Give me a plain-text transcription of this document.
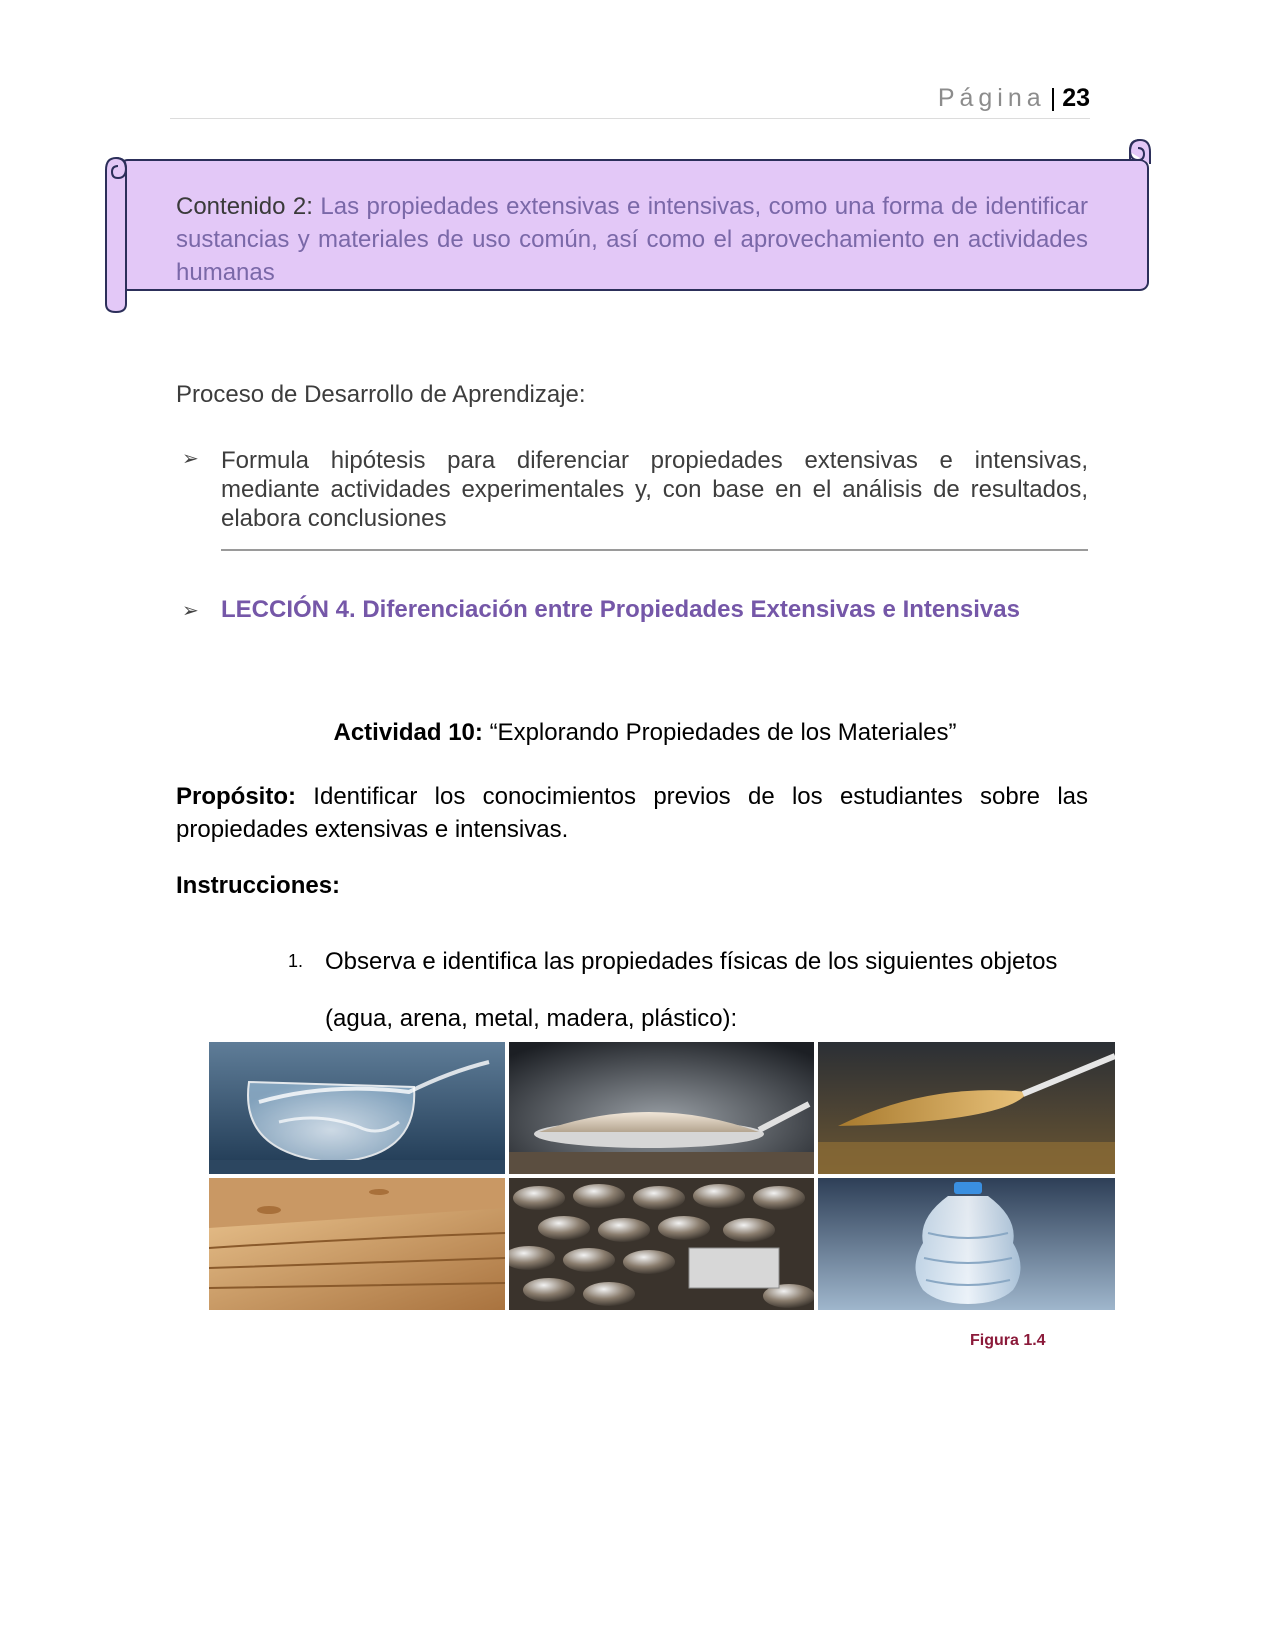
Página | 23
Contenido 2: Las propiedades extensivas e intensivas, como una forma de identificar sustancias y materiales de uso común, así como el aprovechamiento en actividades humanas
Proceso de Desarrollo de Aprendizaje:
➢ Formula hipótesis para diferenciar propiedades extensivas e intensivas, mediante actividades experimentales y, con base en el análisis de resultados, elabora conclusiones
➢ LECCIÓN 4. Diferenciación entre Propiedades Extensivas e Intensivas
Actividad 10: “Explorando Propiedades de los Materiales”
Propósito: Identificar los conocimientos previos de los estudiantes sobre las propiedades extensivas e intensivas.
Instrucciones:
1. Observa e identifica las propiedades físicas de los siguientes objetos (agua, arena, metal, madera, plástico):
Figura 1.4
